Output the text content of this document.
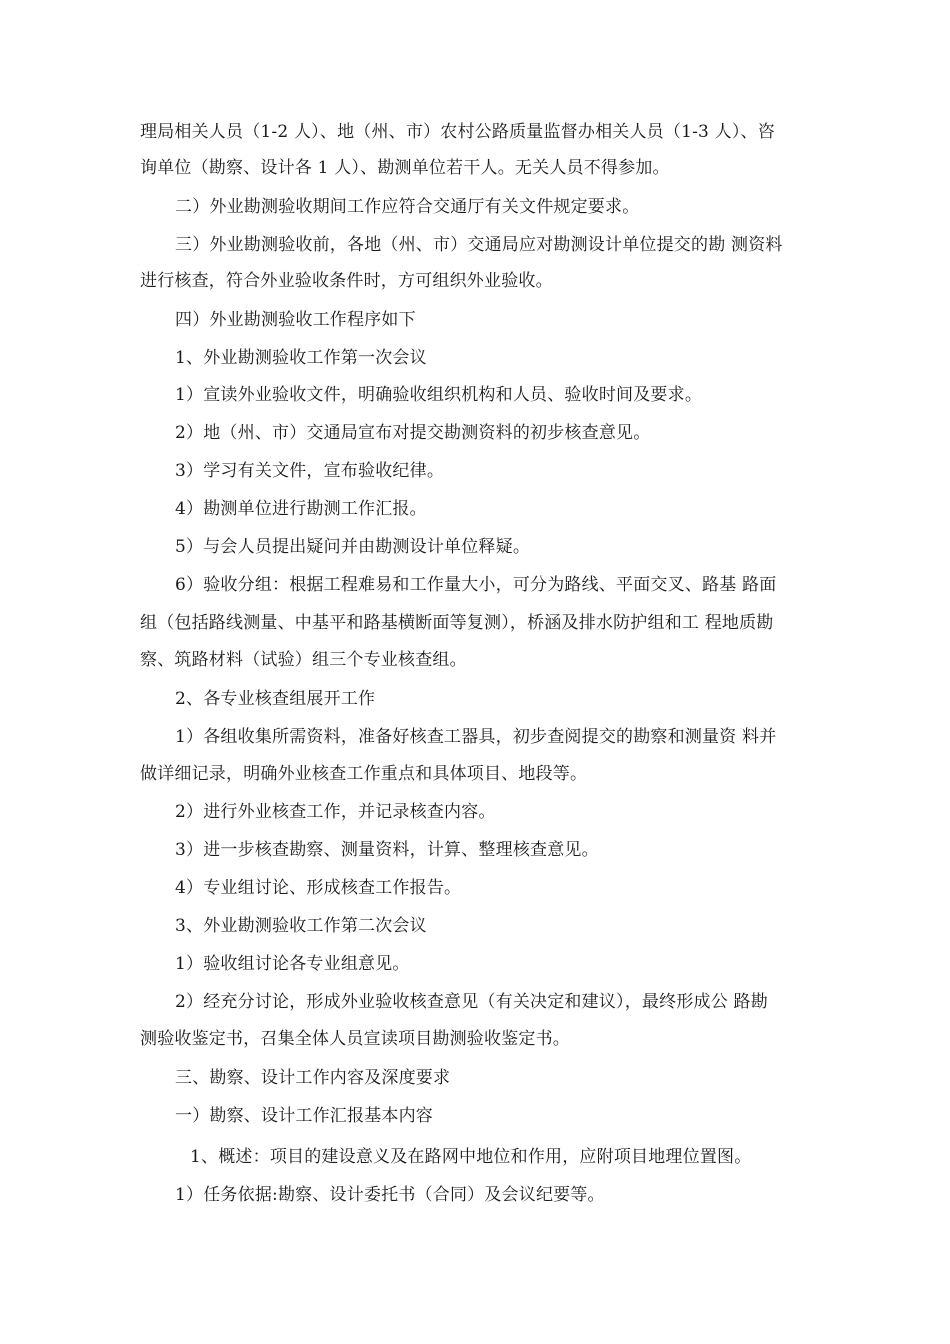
理局相关人员（1-2 人）、地（州、市）农村公路质量监督办相关人员（1-3 人）、咨
询单位（勘察、设计各 1 人）、勘测单位若干人。无关人员不得参加。
二）外业勘测验收期间工作应符合交通厅有关文件规定要求。
三）外业勘测验收前，各地（州、市）交通局应对勘测设计单位提交的勘 测资料
进行核查，符合外业验收条件时，方可组织外业验收。
四）外业勘测验收工作程序如下
1、外业勘测验收工作第一次会议
1）宣读外业验收文件，明确验收组织机构和人员、验收时间及要求。
2）地（州、市）交通局宣布对提交勘测资料的初步核查意见。
3）学习有关文件，宣布验收纪律。
4）勘测单位进行勘测工作汇报。
5）与会人员提出疑问并由勘测设计单位释疑。
6）验收分组：根据工程难易和工作量大小，可分为路线、平面交叉、路基 路面
组（包括路线测量、中基平和路基横断面等复测），桥涵及排水防护组和工 程地质勘
察、筑路材料（试验）组三个专业核查组。
2、各专业核查组展开工作
1）各组收集所需资料，准备好核查工器具，初步查阅提交的勘察和测量资 料并
做详细记录，明确外业核查工作重点和具体项目、地段等。
2）进行外业核查工作，并记录核查内容。
3）进一步核查勘察、测量资料，计算、整理核查意见。
4）专业组讨论、形成核查工作报告。
3、外业勘测验收工作第二次会议
1）验收组讨论各专业组意见。
2）经充分讨论，形成外业验收核查意见（有关决定和建议），最终形成公 路勘
测验收鉴定书，召集全体人员宣读项目勘测验收鉴定书。
三、勘察、设计工作内容及深度要求
一）勘察、设计工作汇报基本内容
1、概述：项目的建设意义及在路网中地位和作用，应附项目地理位置图。
1）任务依据:勘察、设计委托书（合同）及会议纪要等。
